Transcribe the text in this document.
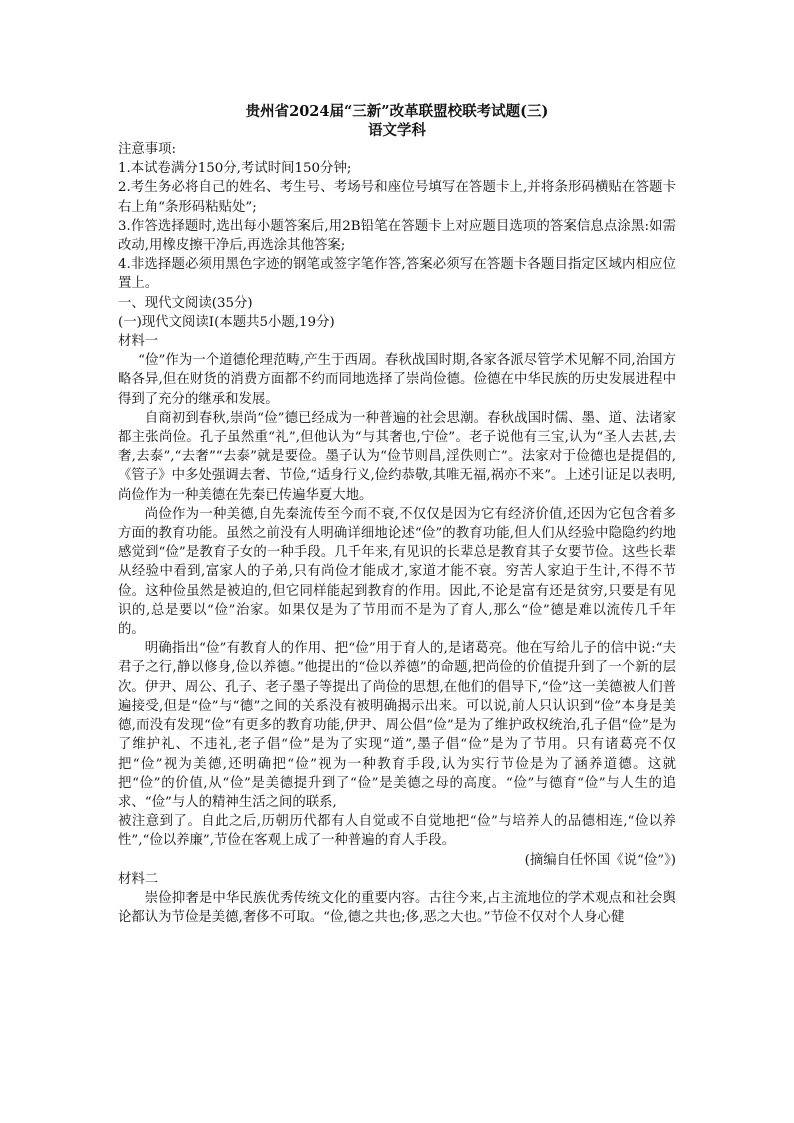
贵州省2024届“三新”改革联盟校联考试题(三)
语文学科

注意事项:

1.本试卷满分150分,考试时间150分钟;

2.考生务必将自己的姓名、考生号、考场号和座位号填写在答题卡上,并将条形码横贴在答题卡右上角“条形码粘贴处”;

3.作答选择题时,选出每小题答案后,用2B铅笔在答题卡上对应题目选项的答案信息点涂黑:如需改动,用橡皮擦干净后,再选涂其他答案;

4.非选择题必须用黑色字迹的钢笔或签字笔作答,答案必须写在答题卡各题目指定区域内相应位置上。

一、现代文阅读(35分)

(一)现代文阅读Ⅰ(本题共5小题,19分)

材料一

“俭”作为一个道德伦理范畴,产生于西周。春秋战国时期,各家各派尽管学术见解不同,治国方略各异,但在财货的消费方面都不约而同地选择了崇尚俭德。俭德在中华民族的历史发展进程中得到了充分的继承和发展。

自商初到春秋,崇尚“俭”德已经成为一种普遍的社会思潮。春秋战国时儒、墨、道、法诸家都主张尚俭。孔子虽然重“礼”,但他认为“与其奢也,宁俭”。老子说他有三宝,认为“圣人去甚,去奢,去泰”,“去奢”“去泰”就是要俭。墨子认为“俭节则昌,淫佚则亡”。法家对于俭德也是提倡的,《管子》中多处强调去奢、节俭,“适身行义,俭约恭敬,其唯无福,祸亦不来”。上述引证足以表明,尚俭作为一种美德在先秦已传遍华夏大地。

尚俭作为一种美德,自先秦流传至今而不衰,不仅仅是因为它有经济价值,还因为它包含着多方面的教育功能。虽然之前没有人明确详细地论述“俭”的教育功能,但人们从经验中隐隐约约地感觉到“俭”是教育子女的一种手段。几千年来,有见识的长辈总是教育其子女要节俭。这些长辈从经验中看到,富家人的子弟,只有尚俭才能成才,家道才能不衰。穷苦人家迫于生计,不得不节俭。这种俭虽然是被迫的,但它同样能起到教育的作用。因此,不论是富有还是贫穷,只要是有见识的,总是要以“俭”治家。如果仅是为了节用而不是为了育人,那么“俭”德是难以流传几千年的。

明确指出“俭”有教育人的作用、把“俭”用于育人的,是诸葛亮。他在写给儿子的信中说:“夫君子之行,静以修身,俭以养德。”他提出的“俭以养德”的命题,把尚俭的价值提升到了一个新的层次。伊尹、周公、孔子、老子墨子等提出了尚俭的思想,在他们的倡导下,“俭”这一美德被人们普遍接受,但是“俭”与“德”之间的关系没有被明确揭示出来。可以说,前人只认识到“俭”本身是美德,而没有发现“俭”有更多的教育功能,伊尹、周公倡“俭”是为了维护政权统治,孔子倡“俭”是为了维护礼、不违礼,老子倡“俭”是为了实现“道”,墨子倡“俭”是为了节用。只有诸葛亮不仅把“俭”视为美德,还明确把“俭”视为一种教育手段,认为实行节俭是为了涵养道德。这就把“俭”的价值,从“俭”是美德提升到了“俭”是美德之母的高度。“俭”与德育“俭”与人生的追求、“俭”与人的精神生活之间的联系,

被注意到了。自此之后,历朝历代都有人自觉或不自觉地把“俭”与培养人的品德相连,“俭以养性”,“俭以养廉”,节俭在客观上成了一种普遍的育人手段。

(摘编自任怀国《说“俭”》)

材料二

崇俭抑奢是中华民族优秀传统文化的重要内容。古往今来,占主流地位的学术观点和社会舆论都认为节俭是美德,奢侈不可取。“俭,德之共也;侈,恶之大也。”节俭不仅对个人身心健
